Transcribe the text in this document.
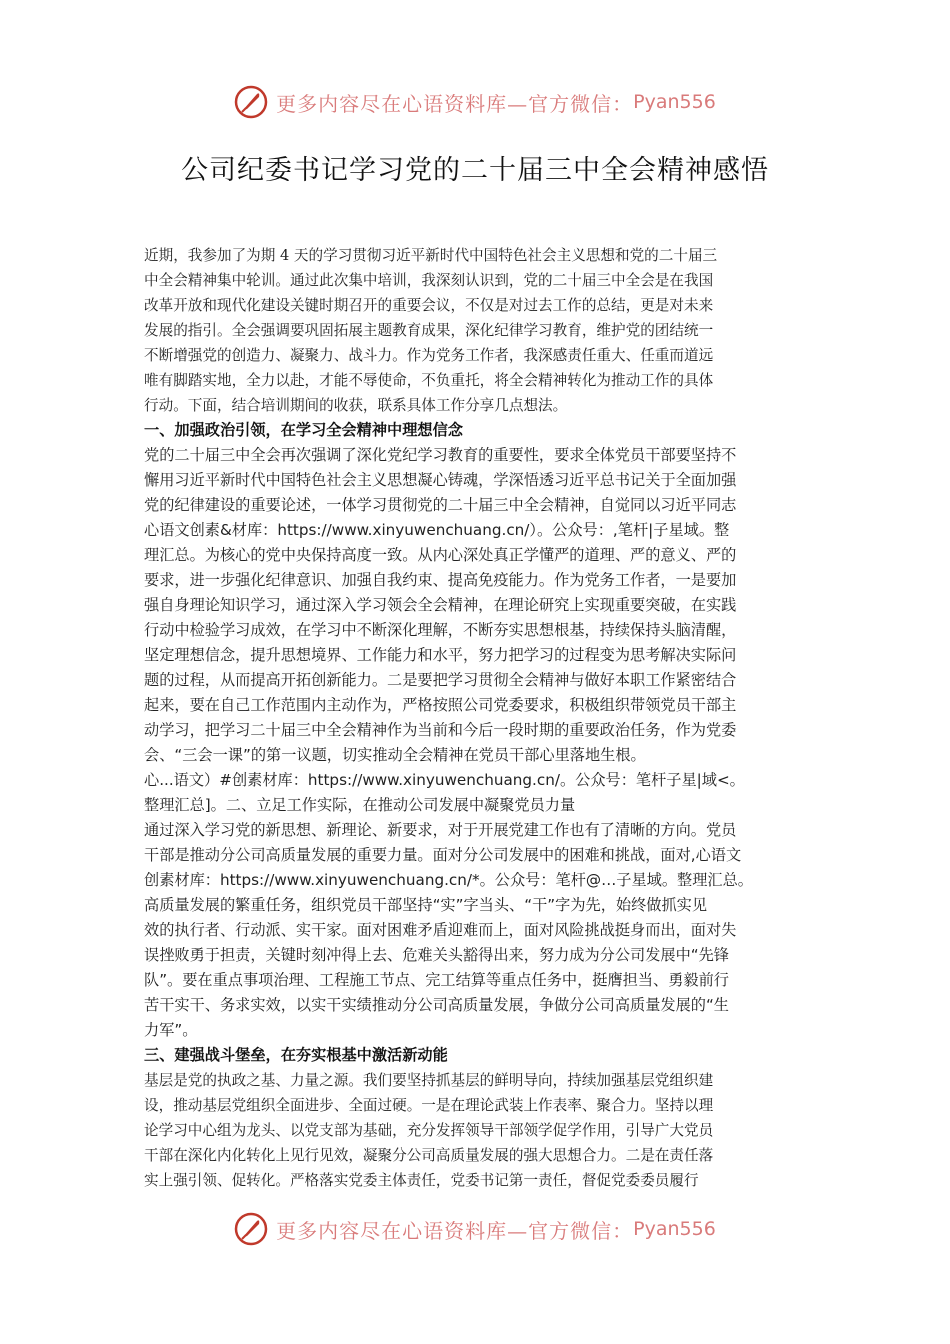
更多内容尽在心语资料库—官方微信： Pyan556
公司纪委书记学习党的二十届三中全会精神感悟

近期，我参加了为期 4 天的学习贯彻习近平新时代中国特色社会主义思想和党的二十届三
中全会精神集中轮训。通过此次集中培训，我深刻认识到，党的二十届三中全会是在我国
改革开放和现代化建设关键时期召开的重要会议，不仅是对过去工作的总结，更是对未来
发展的指引。全会强调要巩固拓展主题教育成果，深化纪律学习教育，维护党的团结统一
不断增强党的创造力、凝聚力、战斗力。作为党务工作者，我深感责任重大、任重而道远
唯有脚踏实地，全力以赴，才能不辱使命，不负重托，将全会精神转化为推动工作的具体
行动。下面，结合培训期间的收获，联系具体工作分享几点想法。

一、加强政治引领，在学习全会精神中理想信念

党的二十届三中全会再次强调了深化党纪学习教育的重要性，要求全体党员干部要坚持不
懈用习近平新时代中国特色社会主义思想凝心铸魂，学深悟透习近平总书记关于全面加强
党的纪律建设的重要论述，一体学习贯彻党的二十届三中全会精神，自觉同以习近平同志
心语文创素&材库：https://www.xinyuwenchuang.cn/）。公众号：,笔杆|子星域。整
理汇总。为核心的党中央保持高度一致。从内心深处真正学懂严的道理、严的意义、严的
要求，进一步强化纪律意识、加强自我约束、提高免疫能力。作为党务工作者，一是要加
强自身理论知识学习，通过深入学习领会全会精神，在理论研究上实现重要突破，在实践
行动中检验学习成效，在学习中不断深化理解，不断夯实思想根基，持续保持头脑清醒，
坚定理想信念，提升思想境界、工作能力和水平，努力把学习的过程变为思考解决实际问
题的过程，从而提高开拓创新能力。二是要把学习贯彻全会精神与做好本职工作紧密结合
起来，要在自己工作范围内主动作为，严格按照公司党委要求，积极组织带领党员干部主
动学习，把学习二十届三中全会精神作为当前和今后一段时期的重要政治任务，作为党委
会、“三会一课”的第一议题，切实推动全会精神在党员干部心里落地生根。

心...语文）#创素材库：https://www.xinyuwenchuang.cn/。公众号：笔杆子星|域<。
整理汇总]。二、立足工作实际，在推动公司发展中凝聚党员力量

通过深入学习党的新思想、新理论、新要求，对于开展党建工作也有了清晰的方向。党员
干部是推动分公司高质量发展的重要力量。面对分公司发展中的困难和挑战，面对,心语文
创素材库：https://www.xinyuwenchuang.cn/*。公众号：笔杆@…子星域。整理汇总。
高质量发展的繁重任务，组织党员干部坚持“实”字当头、“干”字为先，始终做抓实见
效的执行者、行动派、实干家。面对困难矛盾迎难而上，面对风险挑战挺身而出，面对失
误挫败勇于担责，关键时刻冲得上去、危难关头豁得出来，努力成为分公司发展中“先锋
队”。要在重点事项治理、工程施工节点、完工结算等重点任务中，挺膺担当、勇毅前行
苦干实干、务求实效，以实干实绩推动分公司高质量发展，争做分公司高质量发展的“生
力军”。

三、建强战斗堡垒，在夯实根基中激活新动能

基层是党的执政之基、力量之源。我们要坚持抓基层的鲜明导向，持续加强基层党组织建
设，推动基层党组织全面进步、全面过硬。一是在理论武装上作表率、聚合力。坚持以理
论学习中心组为龙头、以党支部为基础，充分发挥领导干部领学促学作用，引导广大党员
干部在深化内化转化上见行见效，凝聚分公司高质量发展的强大思想合力。二是在责任落
实上强引领、促转化。严格落实党委主体责任，党委书记第一责任，督促党委委员履行

更多内容尽在心语资料库—官方微信： Pyan556
